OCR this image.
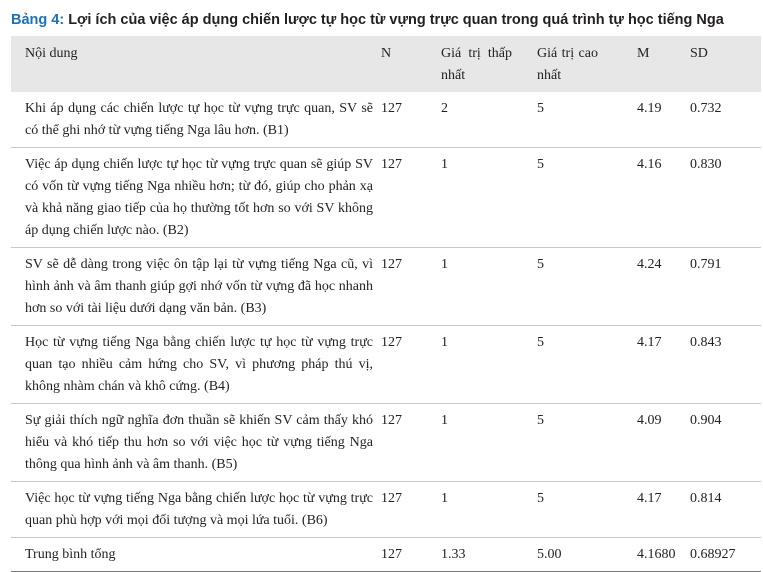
Bảng 4: Lợi ích của việc áp dụng chiến lược tự học từ vựng trực quan trong quá trình tự học tiếng Nga

Nội dung	N	Giá trị thấp nhất	Giá trị cao nhất	M	SD
Khi áp dụng các chiến lược tự học từ vựng trực quan, SV sẽ có thể ghi nhớ từ vựng tiếng Nga lâu hơn. (B1)	127	2	5	4.19	0.732
Việc áp dụng chiến lược tự học từ vựng trực quan sẽ giúp SV có vốn từ vựng tiếng Nga nhiều hơn; từ đó, giúp cho phản xạ và khả năng giao tiếp của họ thường tốt hơn so với SV không áp dụng chiến lược nào. (B2)	127	1	5	4.16	0.830
SV sẽ dễ dàng trong việc ôn tập lại từ vựng tiếng Nga cũ, vì hình ảnh và âm thanh giúp gợi nhớ vốn từ vựng đã học nhanh hơn so với tài liệu dưới dạng văn bản. (B3)	127	1	5	4.24	0.791
Học từ vựng tiếng Nga bằng chiến lược tự học từ vựng trực quan tạo nhiều cảm hứng cho SV, vì phương pháp thú vị, không nhàm chán và khô cứng. (B4)	127	1	5	4.17	0.843
Sự giải thích ngữ nghĩa đơn thuần sẽ khiến SV cảm thấy khó hiểu và khó tiếp thu hơn so với việc học từ vựng tiếng Nga thông qua hình ảnh và âm thanh. (B5)	127	1	5	4.09	0.904
Việc học từ vựng tiếng Nga bằng chiến lược học từ vựng trực quan phù hợp với mọi đối tượng và mọi lứa tuổi. (B6)	127	1	5	4.17	0.814
Trung bình tổng	127	1.33	5.00	4.1680	0.68927
